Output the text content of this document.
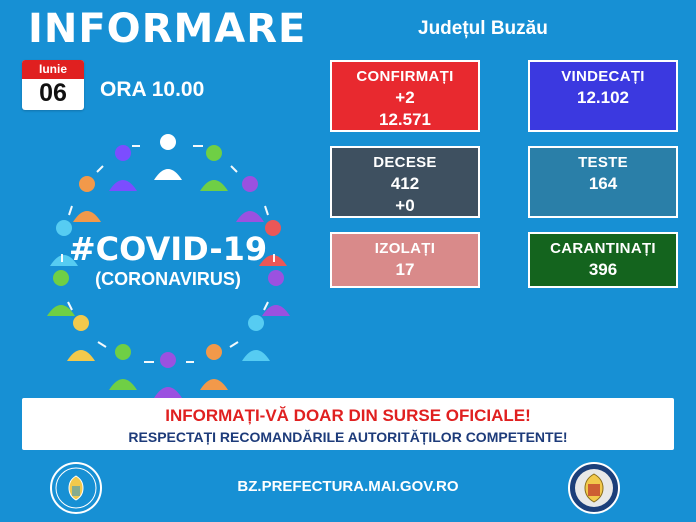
INFORMARE	Județul Buzău
Iunie
06	ORA 10.00
#COVID-19
(CORONAVIRUS)
CONFIRMAȚI
+2
12.571
VINDECAȚI
12.102
DECESE
412
+0
TESTE
164
IZOLAȚI
17
CARANTINAȚI
396
INFORMAȚI-VĂ DOAR DIN SURSE OFICIALE!
RESPECTAȚI RECOMANDĂRILE AUTORITĂȚILOR COMPETENTE!
BZ.PREFECTURA.MAI.GOV.RO
